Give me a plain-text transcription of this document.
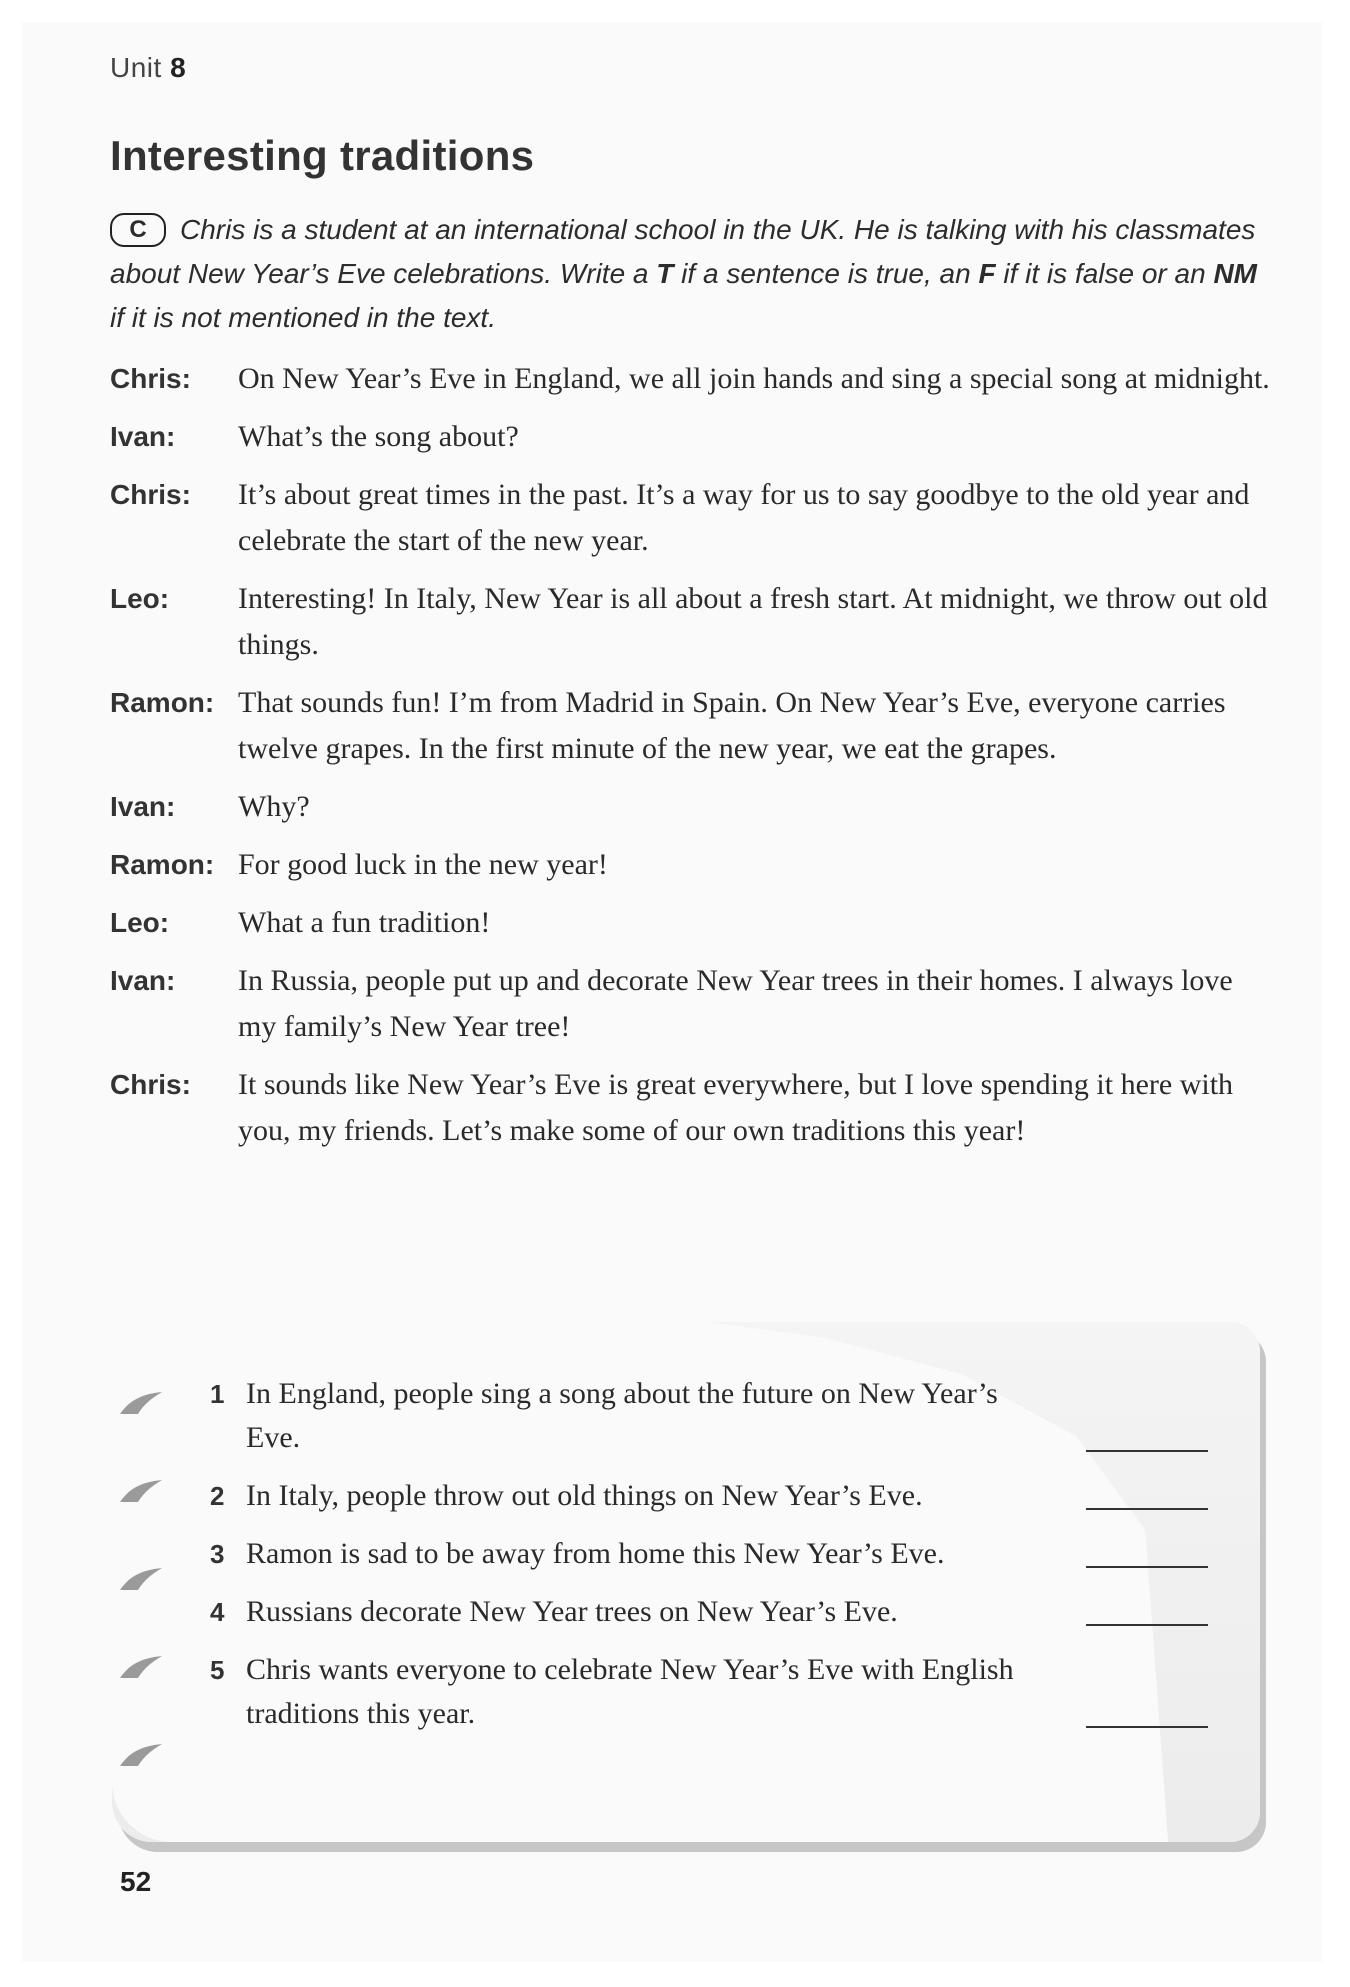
Unit 8
Interesting traditions
C Chris is a student at an international school in the UK. He is talking with his classmates about New Year’s Eve celebrations. Write a T if a sentence is true, an F if it is false or an NM if it is not mentioned in the text.
Chris:	On New Year’s Eve in England, we all join hands and sing a special song at midnight.
Ivan:	What’s the song about?
Chris:	It’s about great times in the past. It’s a way for us to say goodbye to the old year and celebrate the start of the new year.
Leo:	Interesting! In Italy, New Year is all about a fresh start. At midnight, we throw out old things.
Ramon: That sounds fun! I’m from Madrid in Spain. On New Year’s Eve, everyone carries twelve grapes. In the first minute of the new year, we eat the grapes.
Ivan:	Why?
Ramon: For good luck in the new year!
Leo:	What a fun tradition!
Ivan:	In Russia, people put up and decorate New Year trees in their homes. I always love my family’s New Year tree!
Chris:	It sounds like New Year’s Eve is great everywhere, but I love spending it here with you, my friends. Let’s make some of our own traditions this year!
1 In England, people sing a song about the future on New Year’s Eve.
2 In Italy, people throw out old things on New Year’s Eve.
3 Ramon is sad to be away from home this New Year’s Eve.
4 Russians decorate New Year trees on New Year’s Eve.
5 Chris wants everyone to celebrate New Year’s Eve with English traditions this year.
52
